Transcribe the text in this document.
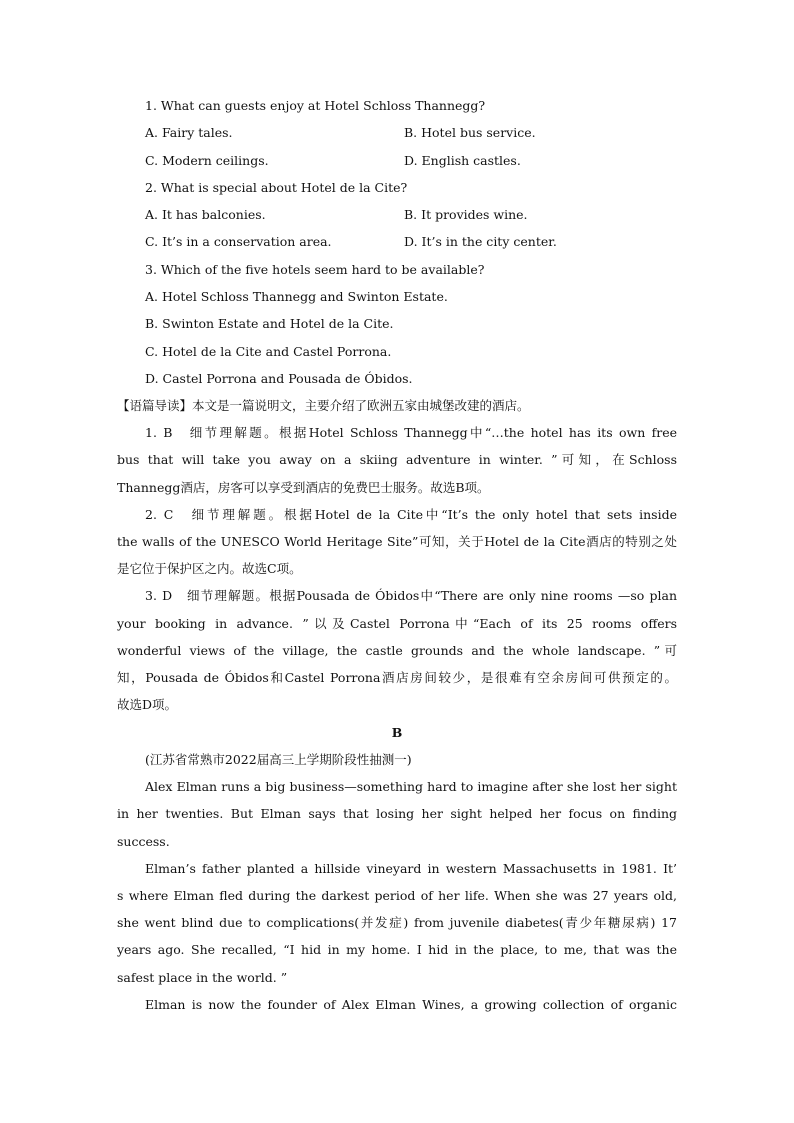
1. What can guests enjoy at Hotel Schloss Thannegg?
A. Fairy tales.	B. Hotel bus service.
C. Modern ceilings.	D. English castles.
2. What is special about Hotel de la Cite?
A. It has balconies.	B. It provides wine.
C. It’s in a conservation area.	D. It’s in the city center.
3. Which of the five hotels seem hard to be available?
A. Hotel Schloss Thannegg and Swinton Estate.
B. Swinton Estate and Hotel de la Cite.
C. Hotel de la Cite and Castel Porrona.
D. Castel Porrona and Pousada de Óbidos.
【语篇导读】本文是一篇说明文，主要介绍了欧洲五家由城堡改建的酒店。
1. B　细节理解题。根据Hotel Schloss Thannegg中“…the hotel has its own free
bus that will take you away on a skiing adventure in winter. ”可知，在Schloss
Thannegg酒店，房客可以享受到酒店的免费巴士服务。故选B项。
2. C　细节理解题。根据Hotel de la Cite中“It’s the only hotel that sets inside
the walls of the UNESCO World Heritage Site”可知，关于Hotel de la Cite酒店的特别之处
是它位于保护区之内。故选C项。
3. D　细节理解题。根据Pousada de Óbidos中“There are only nine rooms —so plan
your booking in advance. ”以及Castel Porrona中“Each of its 25 rooms offers
wonderful views of the village, the castle grounds and the whole landscape. ”可
知，Pousada de Óbidos和Castel Porrona酒店房间较少，是很难有空余房间可供预定的。
故选D项。
B
(江苏省常熟市2022届高三上学期阶段性抽测一)
Alex Elman runs a big business—something hard to imagine after she lost her sight
in her twenties. But Elman says that losing her sight helped her focus on finding
success.
Elman’s father planted a hillside vineyard in western Massachusetts in 1981. It’
s where Elman fled during the darkest period of her life. When she was 27 years old,
she went blind due to complications(并发症) from juvenile diabetes(青少年糖尿病) 17
years ago. She recalled, “I hid in my home. I hid in the place, to me, that was the
safest place in the world. ”
Elman is now the founder of Alex Elman Wines, a growing collection of organic
